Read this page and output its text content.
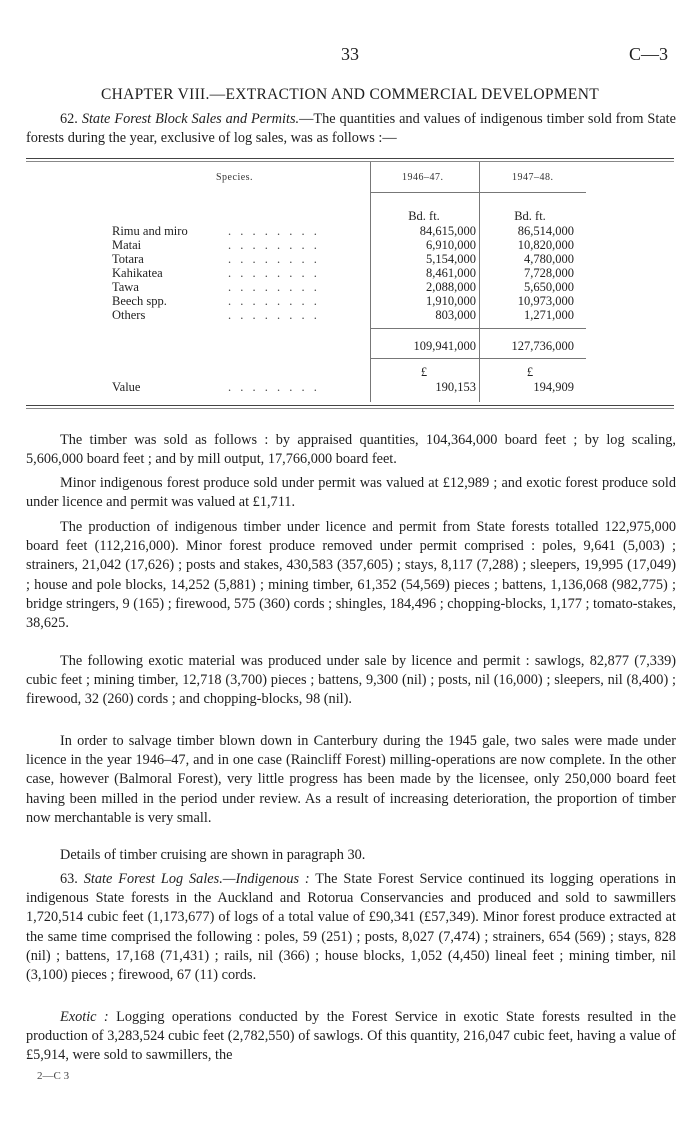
33	C—3
CHAPTER VIII.—EXTRACTION AND COMMERCIAL DEVELOPMENT

62. State Forest Block Sales and Permits.—The quantities and values of indigenous timber sold from State forests during the year, exclusive of log sales, was as follows :—

Species.	1946–47.	1947–48.
Bd. ft.	Bd. ft.
Rimu and miro	. . . . . . . .	84,615,000	86,514,000
Matai	. . . . . . . .	6,910,000	10,820,000
Totara	. . . . . . . .	5,154,000	4,780,000
Kahikatea	. . . . . . . .	8,461,000	7,728,000
Tawa	. . . . . . . .	2,088,000	5,650,000
Beech spp.	. . . . . . . .	1,910,000	10,973,000
Others	. . . . . . . .	803,000	1,271,000
109,941,000	127,736,000
£	£
Value	. . . . . . . .	190,153	194,909

The timber was sold as follows : by appraised quantities, 104,364,000 board feet ; by log scaling, 5,606,000 board feet ; and by mill output, 17,766,000 board feet.

Minor indigenous forest produce sold under permit was valued at £12,989 ; and exotic forest produce sold under licence and permit was valued at £1,711.

The production of indigenous timber under licence and permit from State forests totalled 122,975,000 board feet (112,216,000). Minor forest produce removed under permit comprised : poles, 9,641 (5,003) ; strainers, 21,042 (17,626) ; posts and stakes, 430,583 (357,605) ; stays, 8,117 (7,288) ; sleepers, 19,995 (17,049) ; house and pole blocks, 14,252 (5,881) ; mining timber, 61,352 (54,569) pieces ; battens, 1,136,068 (982,775) ; bridge stringers, 9 (165) ; firewood, 575 (360) cords ; shingles, 184,496 ; chopping-blocks, 1,177 ; tomato-stakes, 38,625.

The following exotic material was produced under sale by licence and permit : sawlogs, 82,877 (7,339) cubic feet ; mining timber, 12,718 (3,700) pieces ; battens, 9,300 (nil) ; posts, nil (16,000) ; sleepers, nil (8,400) ; firewood, 32 (260) cords ; and chopping-blocks, 98 (nil).

In order to salvage timber blown down in Canterbury during the 1945 gale, two sales were made under licence in the year 1946–47, and in one case (Raincliff Forest) milling-operations are now complete. In the other case, however (Balmoral Forest), very little progress has been made by the licensee, only 250,000 board feet having been milled in the period under review. As a result of increasing deterioration, the proportion of timber now merchantable is very small.

Details of timber cruising are shown in paragraph 30.

63. State Forest Log Sales.—Indigenous : The State Forest Service continued its logging operations in indigenous State forests in the Auckland and Rotorua Conservancies and produced and sold to sawmillers 1,720,514 cubic feet (1,173,677) of logs of a total value of £90,341 (£57,349). Minor forest produce extracted at the same time comprised the following : poles, 59 (251) ; posts, 8,027 (7,474) ; strainers, 654 (569) ; stays, 828 (nil) ; battens, 17,168 (71,431) ; rails, nil (366) ; house blocks, 1,052 (4,450) lineal feet ; mining timber, nil (3,100) pieces ; firewood, 67 (11) cords.

Exotic : Logging operations conducted by the Forest Service in exotic State forests resulted in the production of 3,283,524 cubic feet (2,782,550) of sawlogs. Of this quantity, 216,047 cubic feet, having a value of £5,914, were sold to sawmillers, the

2—C 3
